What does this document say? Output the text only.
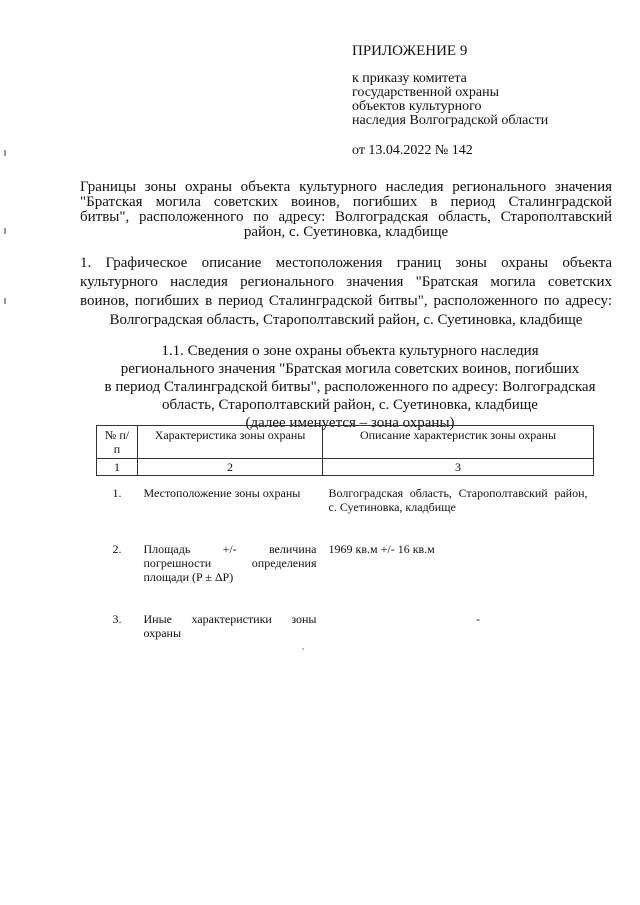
ПРИЛОЖЕНИЕ 9
к приказу комитета
государственной охраны
объектов культурного
наследия Волгоградской области
от 13.04.2022 № 142
Границы зоны охраны объекта культурного наследия регионального значения
"Братская могила советских воинов, погибших в период Сталинградской
битвы", расположенного по адресу: Волгоградская область, Старополтавский
район, с. Суетиновка, кладбище
1. Графическое описание местоположения границ зоны охраны объекта
культурного наследия регионального значения "Братская могила советских
воинов, погибших в период Сталинградской битвы", расположенного по адресу:
Волгоградская область, Старополтавский район, с. Суетиновка, кладбище
1.1. Сведения о зоне охраны объекта культурного наследия
регионального значения "Братская могила советских воинов, погибших
в период Сталинградской битвы", расположенного по адресу: Волгоградская
область, Старополтавский район, с. Суетиновка, кладбище
(далее именуется – зона охраны)
№ п/п	Характеристика зоны охраны	Описание характеристик зоны охраны
1	2	3
1.	Местоположение зоны охраны	Волгоградская область, Старополтавский район, с. Суетиновка, кладбище
2.	Площадь +/- величина погрешности определения площади (P ± ΔP)	1969 кв.м +/- 16 кв.м
3.	Иные характеристики зоны охраны	-
